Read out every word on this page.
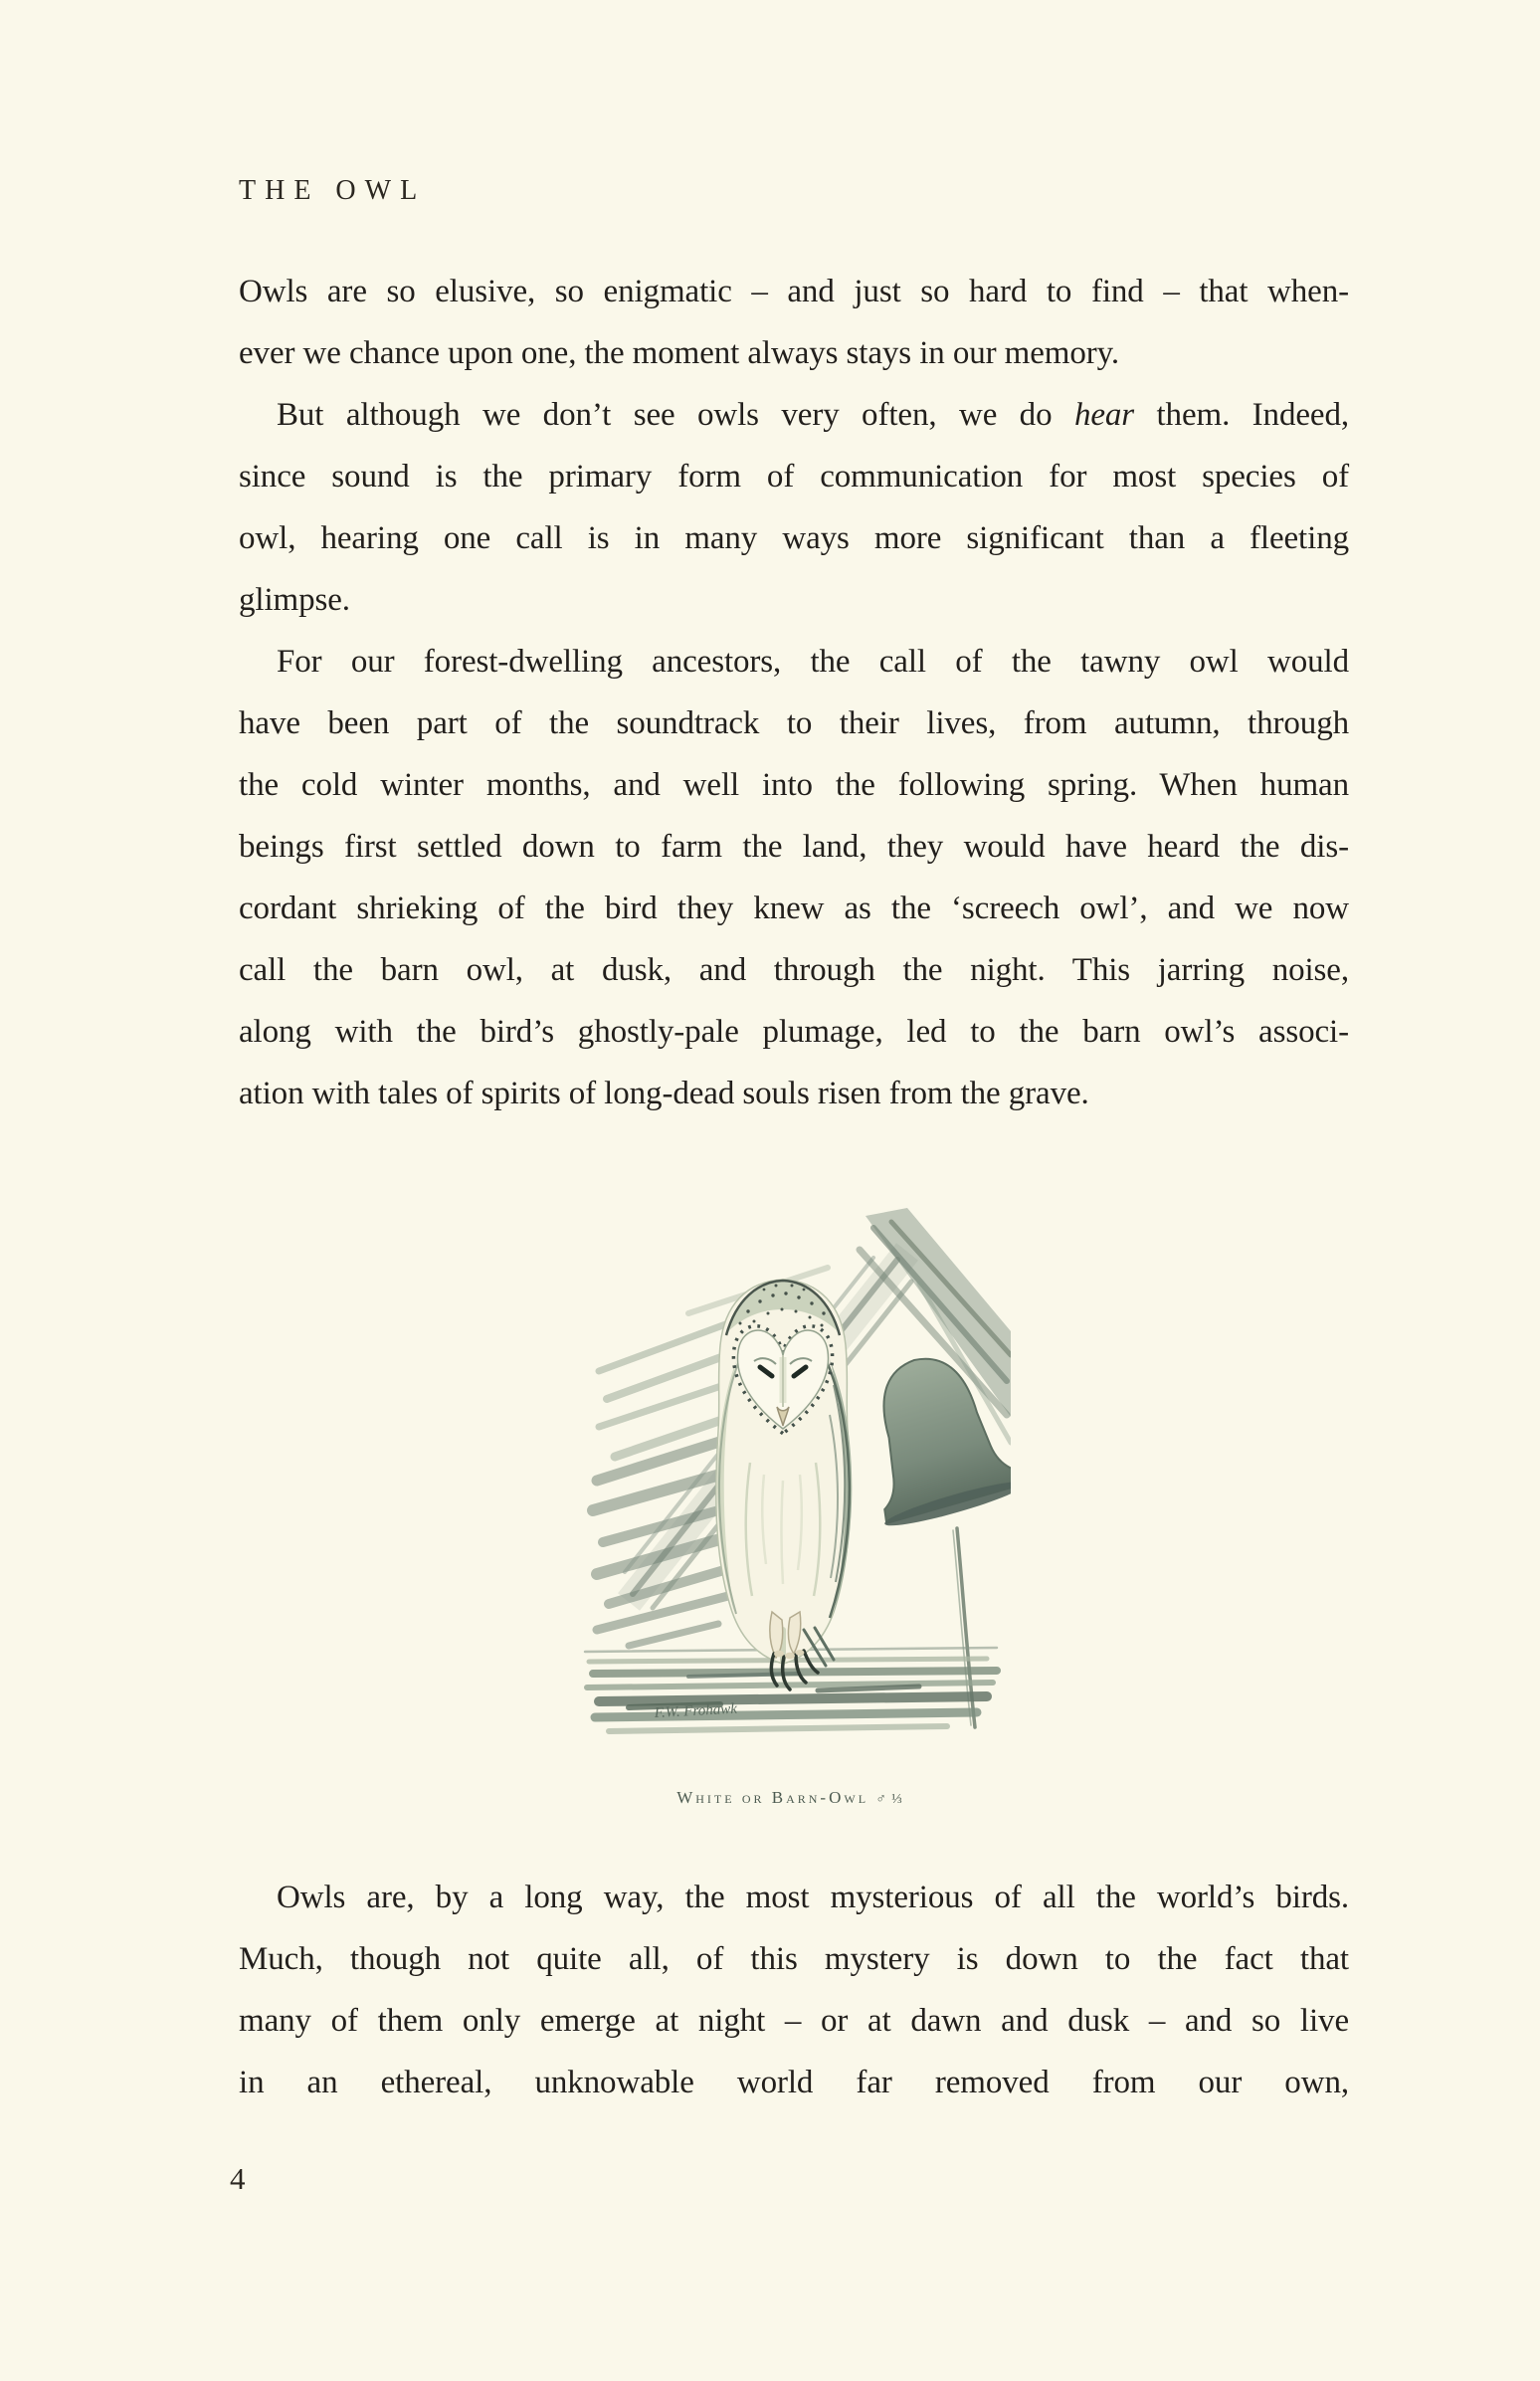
THE OWL
Owls are so elusive, so enigmatic – and just so hard to find – that when-
ever we chance upon one, the moment always stays in our memory.
But although we don’t see owls very often, we do hear them. Indeed,
since sound is the primary form of communication for most species of
owl, hearing one call is in many ways more significant than a fleeting
glimpse.
For our forest-dwelling ancestors, the call of the tawny owl would
have been part of the soundtrack to their lives, from autumn, through
the cold winter months, and well into the following spring. When human
beings first settled down to farm the land, they would have heard the dis-
cordant shrieking of the bird they knew as the ‘screech owl’, and we now
call the barn owl, at dusk, and through the night. This jarring noise,
along with the bird’s ghostly-pale plumage, led to the barn owl’s associ-
ation with tales of spirits of long-dead souls risen from the grave.
F.W. Frohawk
White or Barn-Owl ♂ ⅓
Owls are, by a long way, the most mysterious of all the world’s birds.
Much, though not quite all, of this mystery is down to the fact that
many of them only emerge at night – or at dawn and dusk – and so live
in an ethereal, unknowable world far removed from our own,
4
